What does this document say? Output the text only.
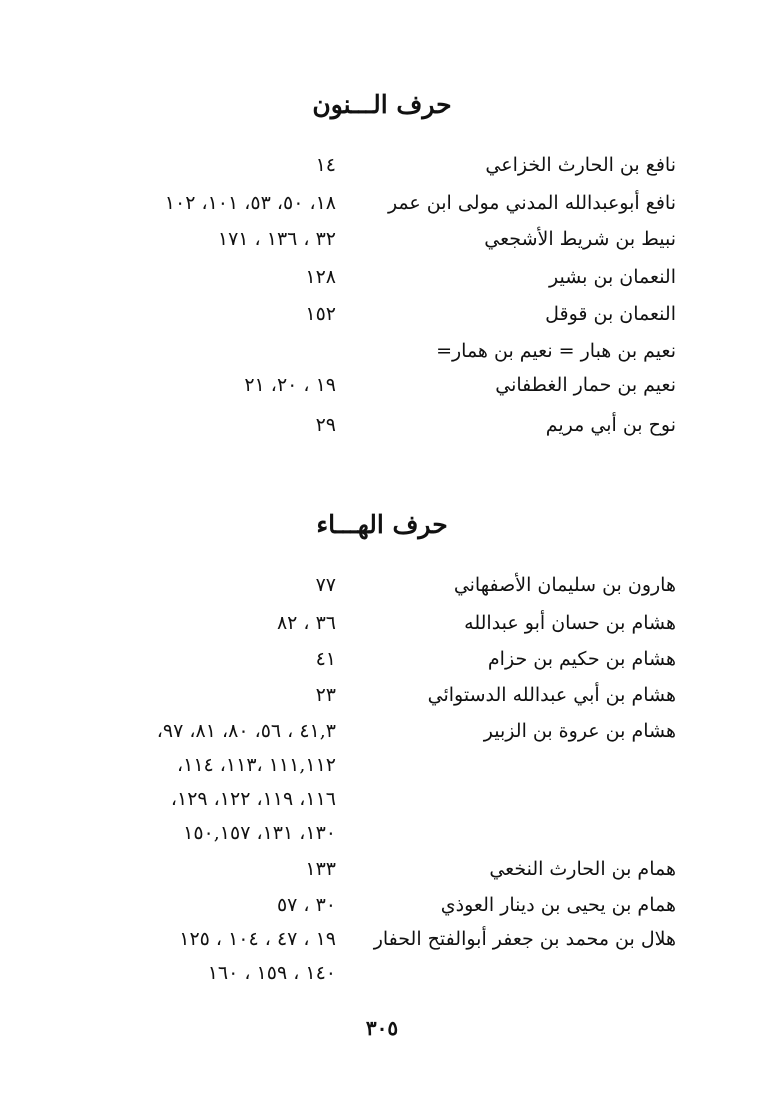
حرف الـــنون
نافع بن الحارث الخزاعي
١٤
نافع أبوعبدالله المدني مولى ابن عمر
١٨، ٥٠، ٥٣، ١٠١، ١٠٢
نبيط بن شريط الأشجعي
٣٢ ، ١٣٦ ، ١٧١
النعمان بن بشير
١٢٨
النعمان بن قوقل
١٥٢
نعيم بن هبار = نعيم بن همار=
نعيم بن حمار الغطفاني
١٩ ، ٢٠، ٢١
نوح بن أبي مريم
٢٩
حرف الهـــاء
هارون بن سليمان الأصفهاني
٧٧
هشام بن حسان أبو عبدالله
٣٦ ، ٨٢
هشام بن حكيم بن حزام
٤١
هشام بن أبي عبدالله الدستوائي
٢٣
هشام بن عروة بن الزبير
٤١,٣ ، ٥٦، ٨٠، ٨١، ٩٧،
١١١,١١٢ ،١١٣، ١١٤،
١١٦، ١١٩، ١٢٢، ١٢٩،
١٣٠، ١٣١، ١٥٠,١٥٧
همام بن الحارث النخعي
١٣٣
همام بن يحيى بن دينار العوذي
٣٠ ، ٥٧
هلال بن محمد بن جعفر أبوالفتح الحفار
١٩ ، ٤٧ ، ١٠٤ ، ١٢٥
١٤٠ ، ١٥٩ ، ١٦٠
٣٠٥
